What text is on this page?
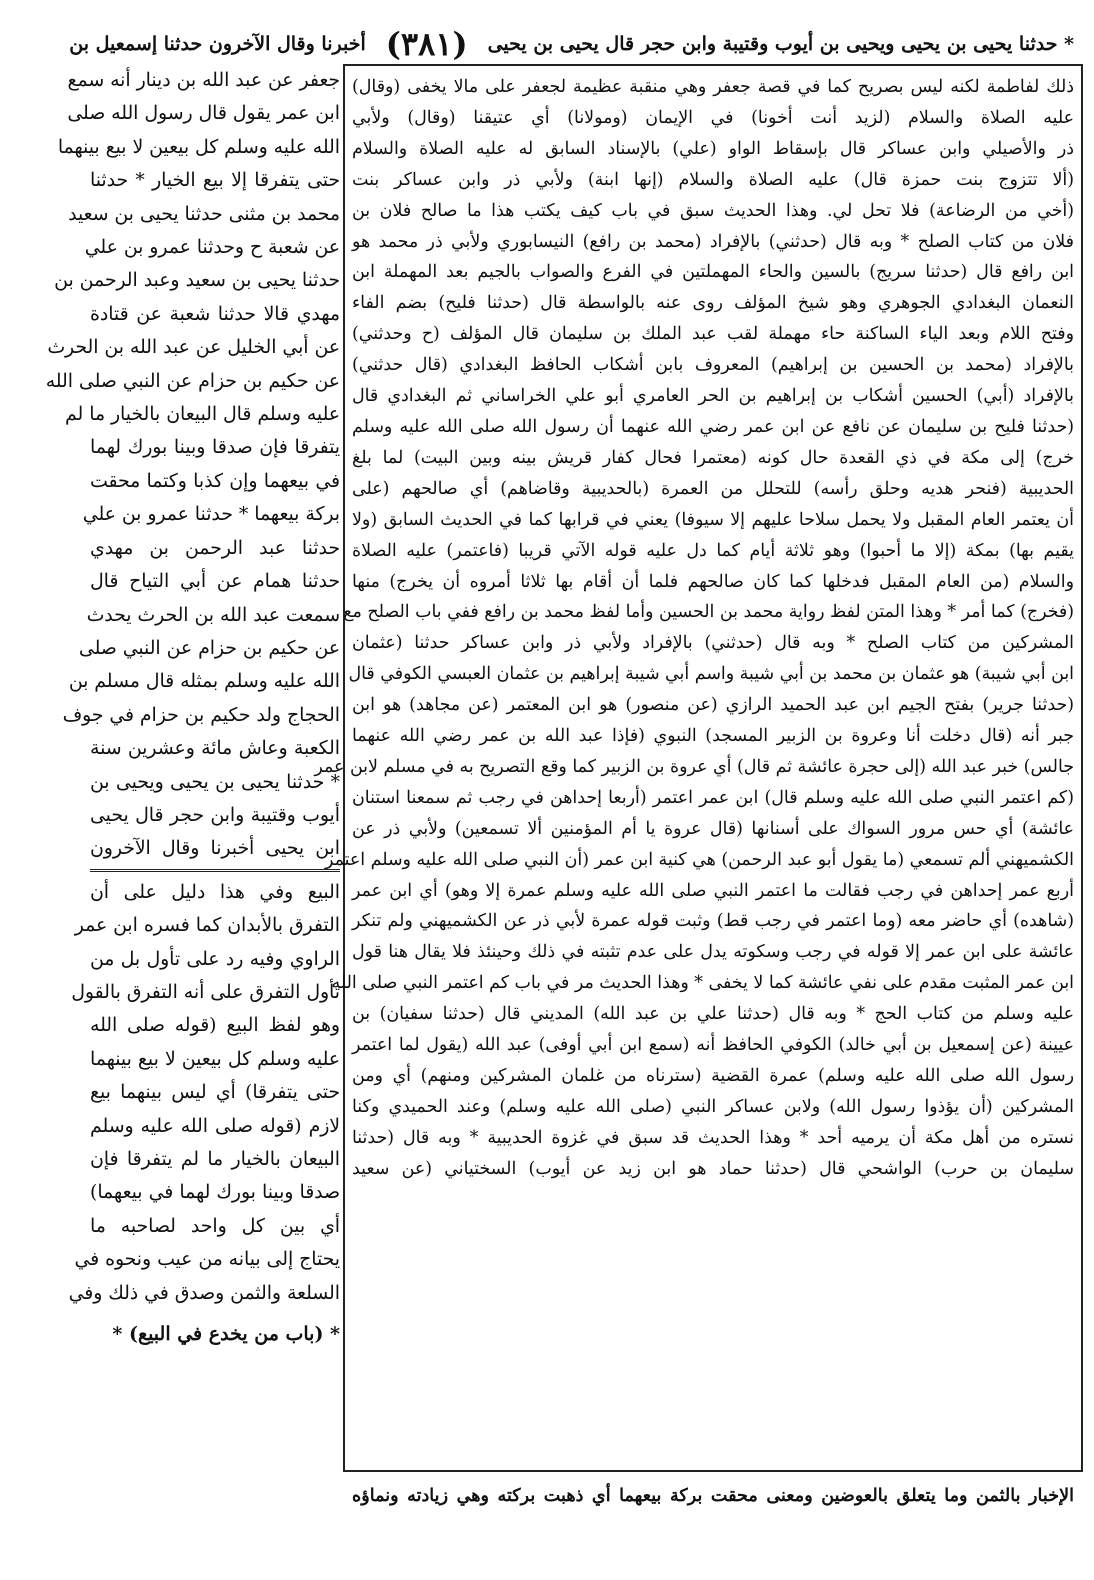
* حدثنا يحيى بن يحيى ويحيى بن أيوب وقتيبة وابن حجر قال يحيى بن يحيى
(٣٨١)
أخبرنا وقال الآخرون حدثنا إسمعيل بن

ذلك لفاطمة لكنه ليس بصريح كما في قصة جعفر وهي منقبة عظيمة لجعفر على مالا يخفى (وقال)

عليه الصلاة والسلام (لزيد أنت أخونا) في الإيمان (ومولانا) أي عتيقنا (وقال) ولأبي

ذر والأصيلي وابن عساكر قال بإسقاط الواو (علي) بالإسناد السابق له عليه الصلاة والسلام

(ألا تتزوج بنت حمزة قال) عليه الصلاة والسلام (إنها ابنة) ولأبي ذر وابن عساكر بنت

(أخي من الرضاعة) فلا تحل لي. وهذا الحديث سبق في باب كيف يكتب هذا ما صالح فلان بن

فلان من كتاب الصلح * وبه قال (حدثني) بالإفراد (محمد بن رافع) النيسابوري ولأبي ذر محمد هو

ابن رافع قال (حدثنا سريج) بالسين والحاء المهملتين في الفرع والصواب بالجيم بعد المهملة ابن

النعمان البغدادي الجوهري وهو شيخ المؤلف روى عنه بالواسطة قال (حدثنا فليح) بضم الفاء

وفتح اللام وبعد الياء الساكنة حاء مهملة لقب عبد الملك بن سليمان قال المؤلف (ح وحدثني)

بالإفراد (محمد بن الحسين بن إبراهيم) المعروف بابن أشكاب الحافظ البغدادي (قال حدثني)

بالإفراد (أبي) الحسين أشكاب بن إبراهيم بن الحر العامري أبو علي الخراساني ثم البغدادي قال

(حدثنا فليح بن سليمان عن نافع عن ابن عمر رضي الله عنهما أن رسول الله صلى الله عليه وسلم

خرج) إلى مكة في ذي القعدة حال كونه (معتمرا فحال كفار قريش بينه وبين البيت) لما بلغ

الحديبية (فنحر هديه وحلق رأسه) للتحلل من العمرة (بالحديبية وقاضاهم) أي صالحهم (على

أن يعتمر العام المقبل ولا يحمل سلاحا عليهم إلا سيوفا) يعني في قرابها كما في الحديث السابق (ولا

يقيم بها) بمكة (إلا ما أحبوا) وهو ثلاثة أيام كما دل عليه قوله الآتي قريبا (فاعتمر) عليه الصلاة

والسلام (من العام المقبل فدخلها كما كان صالحهم فلما أن أقام بها ثلاثا أمروه أن يخرج) منها

(فخرج) كما أمر * وهذا المتن لفظ رواية محمد بن الحسين وأما لفظ محمد بن رافع ففي باب الصلح مع

المشركين من كتاب الصلح * وبه قال (حدثني) بالإفراد ولأبي ذر وابن عساكر حدثنا (عثمان

ابن أبي شيبة) هو عثمان بن محمد بن أبي شيبة واسم أبي شيبة إبراهيم بن عثمان العبسي الكوفي قال

(حدثنا جرير) بفتح الجيم ابن عبد الحميد الرازي (عن منصور) هو ابن المعتمر (عن مجاهد) هو ابن

جبر أنه (قال دخلت أنا وعروة بن الزبير المسجد) النبوي (فإذا عبد الله بن عمر رضي الله عنهما

جالس) خبر عبد الله (إلى حجرة عائشة ثم قال) أي عروة بن الزبير كما وقع التصريح به في مسلم لابن عمر

(كم اعتمر النبي صلى الله عليه وسلم قال) ابن عمر اعتمر (أربعا إحداهن في رجب ثم سمعنا استنان

عائشة) أي حس مرور السواك على أسنانها (قال عروة يا أم المؤمنين ألا تسمعين) ولأبي ذر عن

الكشميهني ألم تسمعي (ما يقول أبو عبد الرحمن) هي كنية ابن عمر (أن النبي صلى الله عليه وسلم اعتمر

أربع عمر إحداهن في رجب فقالت ما اعتمر النبي صلى الله عليه وسلم عمرة إلا وهو) أي ابن عمر

(شاهده) أي حاضر معه (وما اعتمر في رجب قط) وثبت قوله عمرة لأبي ذر عن الكشميهني ولم تنكر

عائشة على ابن عمر إلا قوله في رجب وسكوته يدل على عدم تثبته في ذلك وحينئذ فلا يقال هنا قول

ابن عمر المثبت مقدم على نفي عائشة كما لا يخفى * وهذا الحديث مر في باب كم اعتمر النبي صلى الله

عليه وسلم من كتاب الحج * وبه قال (حدثنا علي بن عبد الله) المديني قال (حدثنا سفيان) بن

عيينة (عن إسمعيل بن أبي خالد) الكوفي الحافظ أنه (سمع ابن أبي أوفى) عبد الله (يقول لما اعتمر

رسول الله صلى الله عليه وسلم) عمرة القضية (سترناه من غلمان المشركين ومنهم) أي ومن

المشركين (أن يؤذوا رسول الله) ولابن عساكر النبي (صلى الله عليه وسلم) وعند الحميدي وكنا

نستره من أهل مكة أن يرميه أحد * وهذا الحديث قد سبق في غزوة الحديبية * وبه قال (حدثنا

سليمان بن حرب) الواشحي قال (حدثنا حماد هو ابن زيد عن أيوب) السختياني (عن سعيد

جعفر عن عبد الله بن دينار أنه سمع

ابن عمر يقول قال رسول الله صلى

الله عليه وسلم كل بيعين لا بيع بينهما

حتى يتفرقا إلا بيع الخيار * حدثنا

محمد بن مثنى حدثنا يحيى بن سعيد

عن شعبة ح وحدثنا عمرو بن علي

حدثنا يحيى بن سعيد وعبد الرحمن بن

مهدي قالا حدثنا شعبة عن قتادة

عن أبي الخليل عن عبد الله بن الحرث

عن حكيم بن حزام عن النبي صلى الله

عليه وسلم قال البيعان بالخيار ما لم

يتفرقا فإن صدقا وبينا بورك لهما

في بيعهما وإن كذبا وكتما محقت

بركة بيعهما * حدثنا عمرو بن علي

حدثنا عبد الرحمن بن مهدي

حدثنا همام عن أبي التياح قال

سمعت عبد الله بن الحرث يحدث

عن حكيم بن حزام عن النبي صلى

الله عليه وسلم بمثله قال مسلم بن

الحجاج ولد حكيم بن حزام في جوف

الكعبة وعاش مائة وعشرين سنة

* حدثنا يحيى بن يحيى ويحيى بن

أيوب وقتيبة وابن حجر قال يحيى

ابن يحيى أخبرنا وقال الآخرون

البيع وفي هذا دليل على أن

التفرق بالأبدان كما فسره ابن عمر

الراوي وفيه رد على تأول بل من

تأول التفرق على أنه التفرق بالقول

وهو لفظ البيع (قوله صلى الله

عليه وسلم كل بيعين لا بيع بينهما

حتى يتفرقا) أي ليس بينهما بيع

لازم (قوله صلى الله عليه وسلم

البيعان بالخيار ما لم يتفرقا فإن

صدقا وبينا بورك لهما في بيعهما)

أي بين كل واحد لصاحبه ما

يحتاج إلى بيانه من عيب ونحوه في

السلعة والثمن وصدق في ذلك وفي

* (باب من يخدع في البيع) *

الإخبار بالثمن وما يتعلق بالعوضين ومعنى محقت بركة بيعهما أي ذهبت بركته وهي زيادته ونماؤه
